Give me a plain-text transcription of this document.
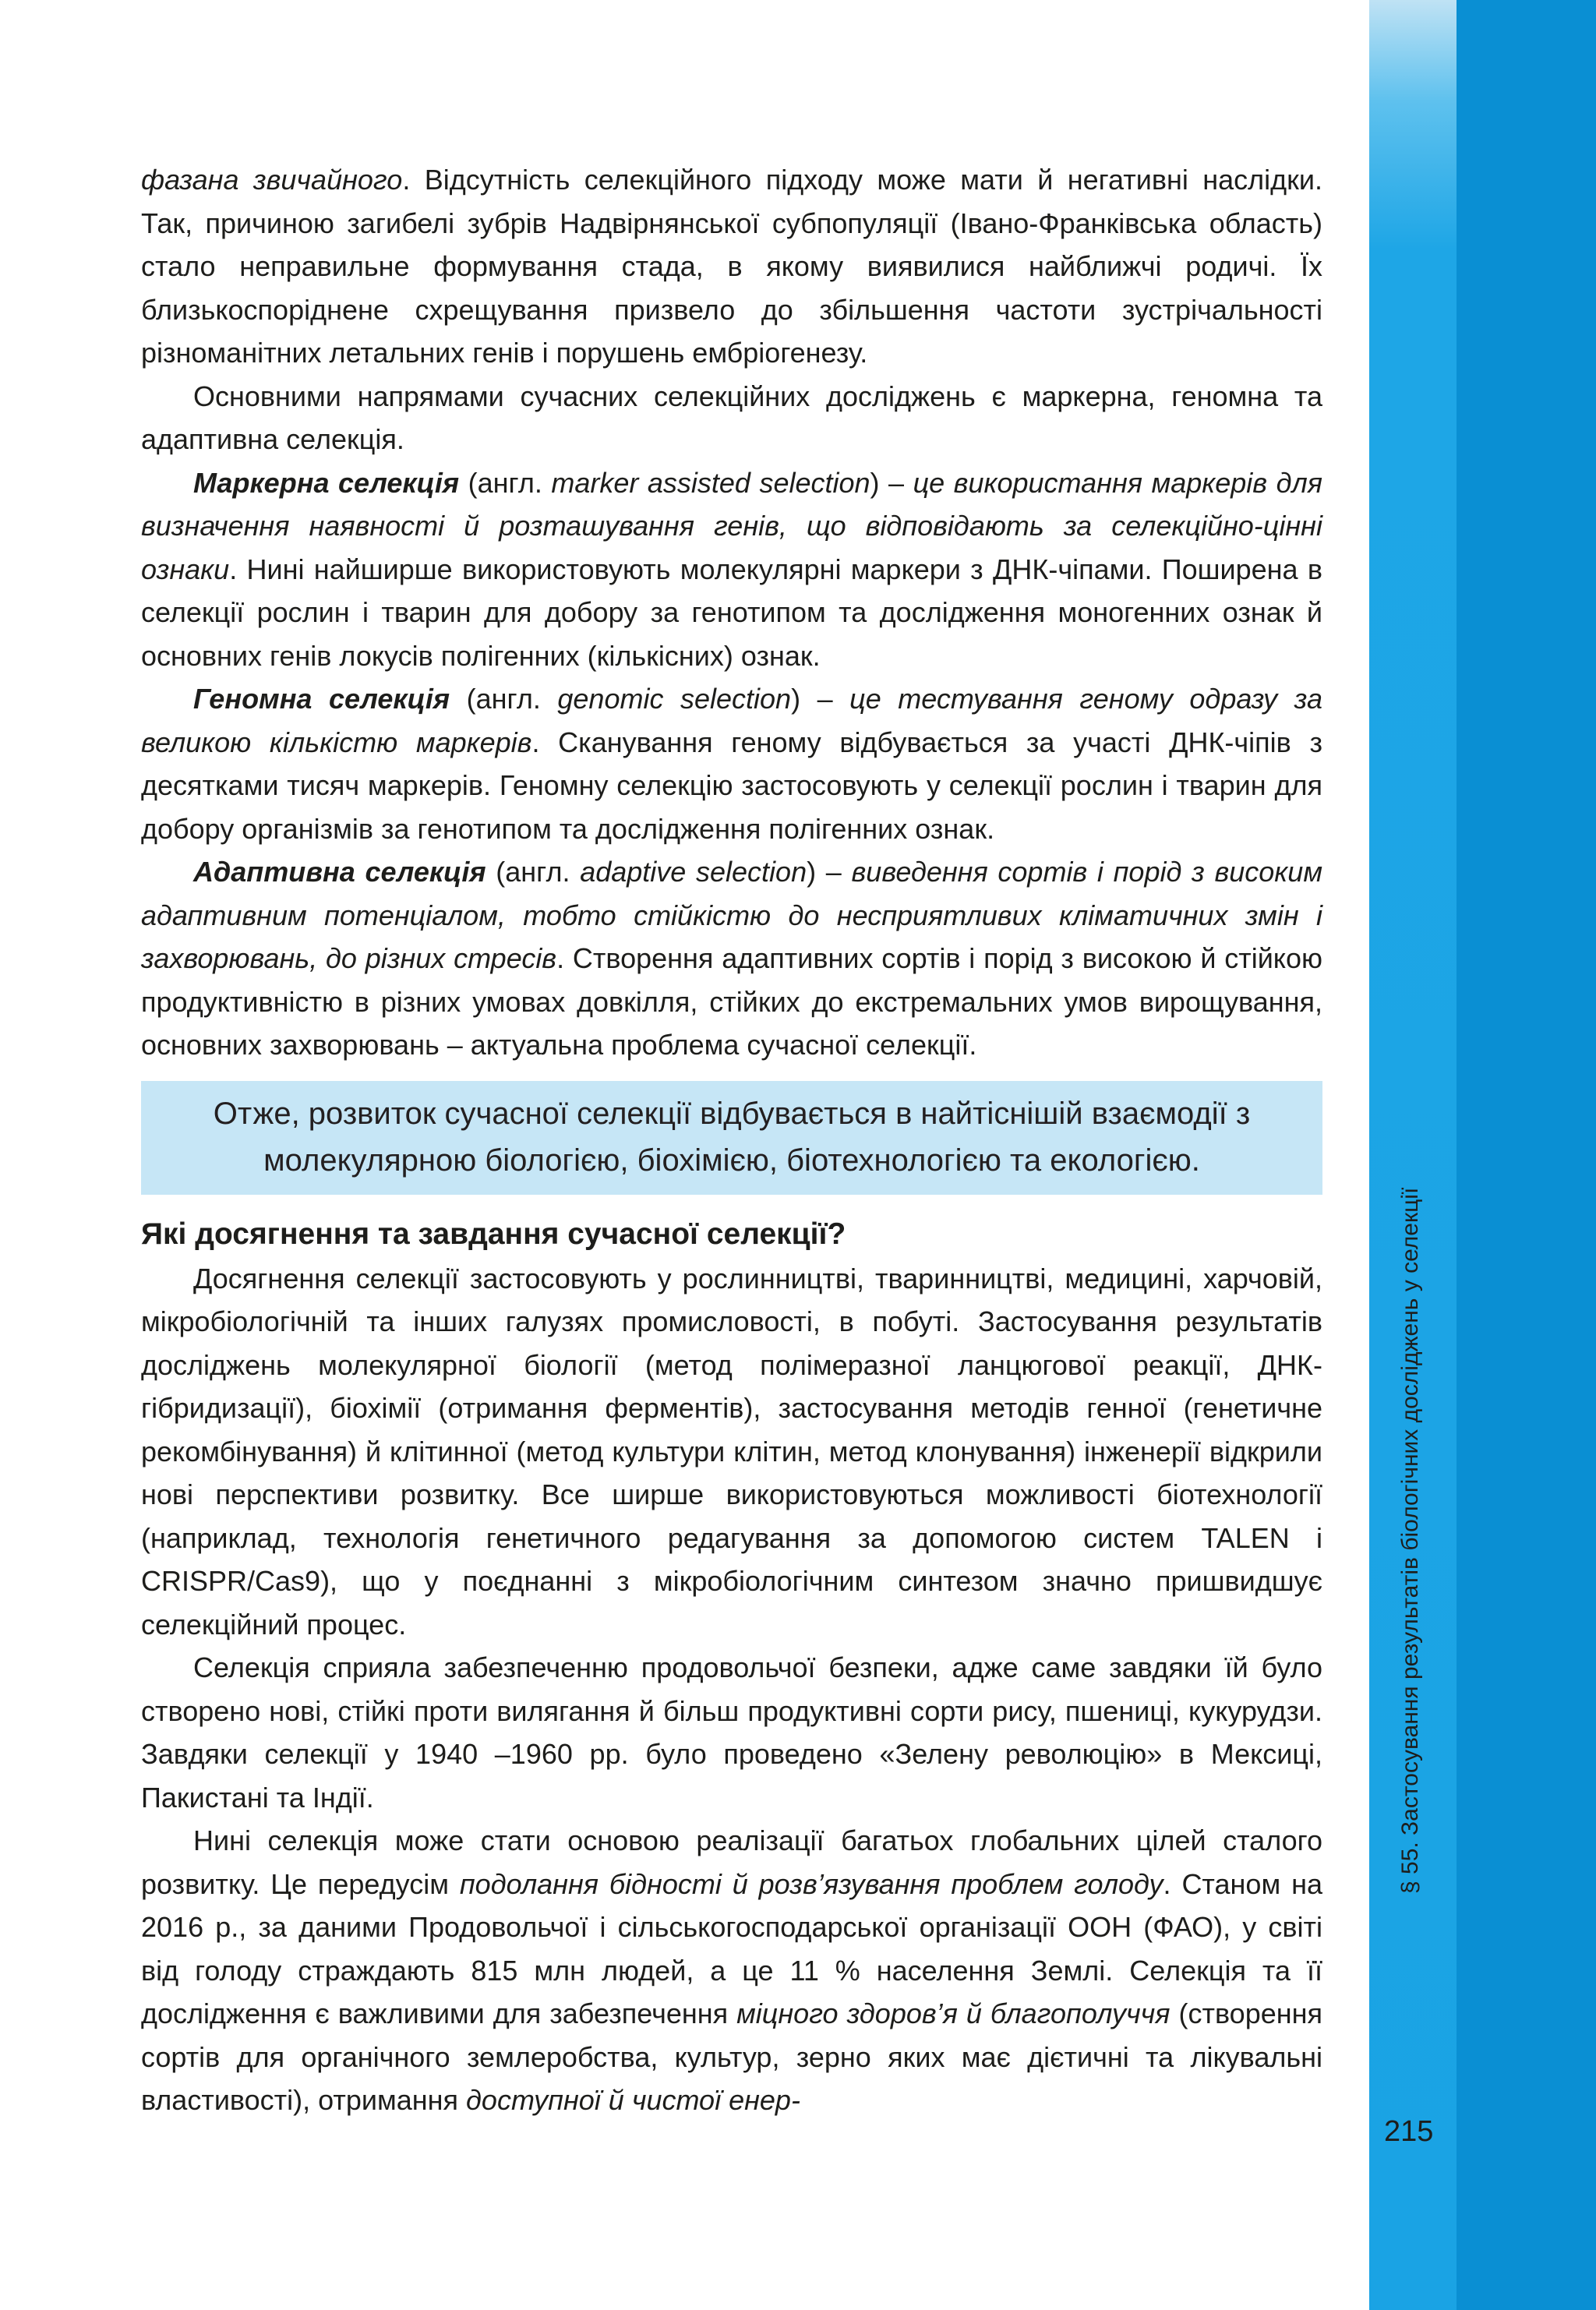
фазана звичайного. Відсутність селекційного підходу може мати й негативні наслідки. Так, причиною загибелі зубрів Надвірнянської субпопуляції (Івано-Франківська область) стало неправильне формування стада, в якому виявилися найближчі родичі. Їх близькоспоріднене схрещування призвело до збільшення частоти зустрічальності різноманітних летальних генів і порушень ембріогенезу.

Основними напрямами сучасних селекційних досліджень є маркерна, геномна та адаптивна селекція.

Маркерна селекція (англ. marker assisted selection) – це використання маркерів для визначення наявності й розташування генів, що відповідають за селекційно-цінні ознаки. Нині найширше використовують молекулярні маркери з ДНК-чіпами. Поширена в селекції рослин і тварин для добору за генотипом та дослідження моногенних ознак й основних генів локусів полігенних (кількісних) ознак.

Геномна селекція (англ. genomic selection) – це тестування геному одразу за великою кількістю маркерів. Сканування геному відбувається за участі ДНК-чіпів з десятками тисяч маркерів. Геномну селекцію застосовують у селекції рослин і тварин для добору організмів за генотипом та дослідження полігенних ознак.

Адаптивна селекція (англ. adaptive selection) – виведення сортів і порід з високим адаптивним потенціалом, тобто стійкістю до несприятливих кліматичних змін і захворювань, до різних стресів. Створення адаптивних сортів і порід з високою й стійкою продуктивністю в різних умовах довкілля, стійких до екстремальних умов вирощування, основних захворювань – актуальна проблема сучасної селекції.

Отже, розвиток сучасної селекції відбувається в найтіснішій взаємодії з молекулярною біологією, біохімією, біотехнологією та екологією.
Які досягнення та завдання сучасної селекції?

Досягнення селекції застосовують у рослинництві, тваринництві, медицині, харчовій, мікробіологічній та інших галузях промисловості, в побуті. Застосування результатів досліджень молекулярної біології (метод полімеразної ланцюгової реакції, ДНК-гібридизації), біохімії (отримання ферментів), застосування методів генної (генетичне рекомбінування) й клітинної (метод культури клітин, метод клонування) інженерії відкрили нові перспективи розвитку. Все ширше використовуються можливості біотехнології (наприклад, технологія генетичного редагування за допомогою систем TALEN і CRISPR/Cas9), що у поєднанні з мікробіологічним синтезом значно пришвидшує селекційний процес.

Селекція сприяла забезпеченню продовольчої безпеки, адже саме завдяки їй було створено нові, стійкі проти вилягання й більш продуктивні сорти рису, пшениці, кукурудзи. Завдяки селекції у 1940 –1960 рр. було проведено «Зелену революцію» в Мексиці, Пакистані та Індії.

Нині селекція може стати основою реалізації багатьох глобальних цілей сталого розвитку. Це передусім подолання бідності й розв’язування проблем голоду. Станом на 2016 р., за даними Продовольчої і сільськогосподарської організації ООН (ФАО), у світі від голоду страждають 815 млн людей, а це 11 % населення Землі. Селекція та її дослідження є важливими для забезпечення міцного здоров’я й благополуччя (створення сортів для органічного землеробства, культур, зерно яких має дієтичні та лікувальні властивості), отримання доступної й чистої енер-

§ 55. Застосування результатів біологічних досліджень у селекції
215
